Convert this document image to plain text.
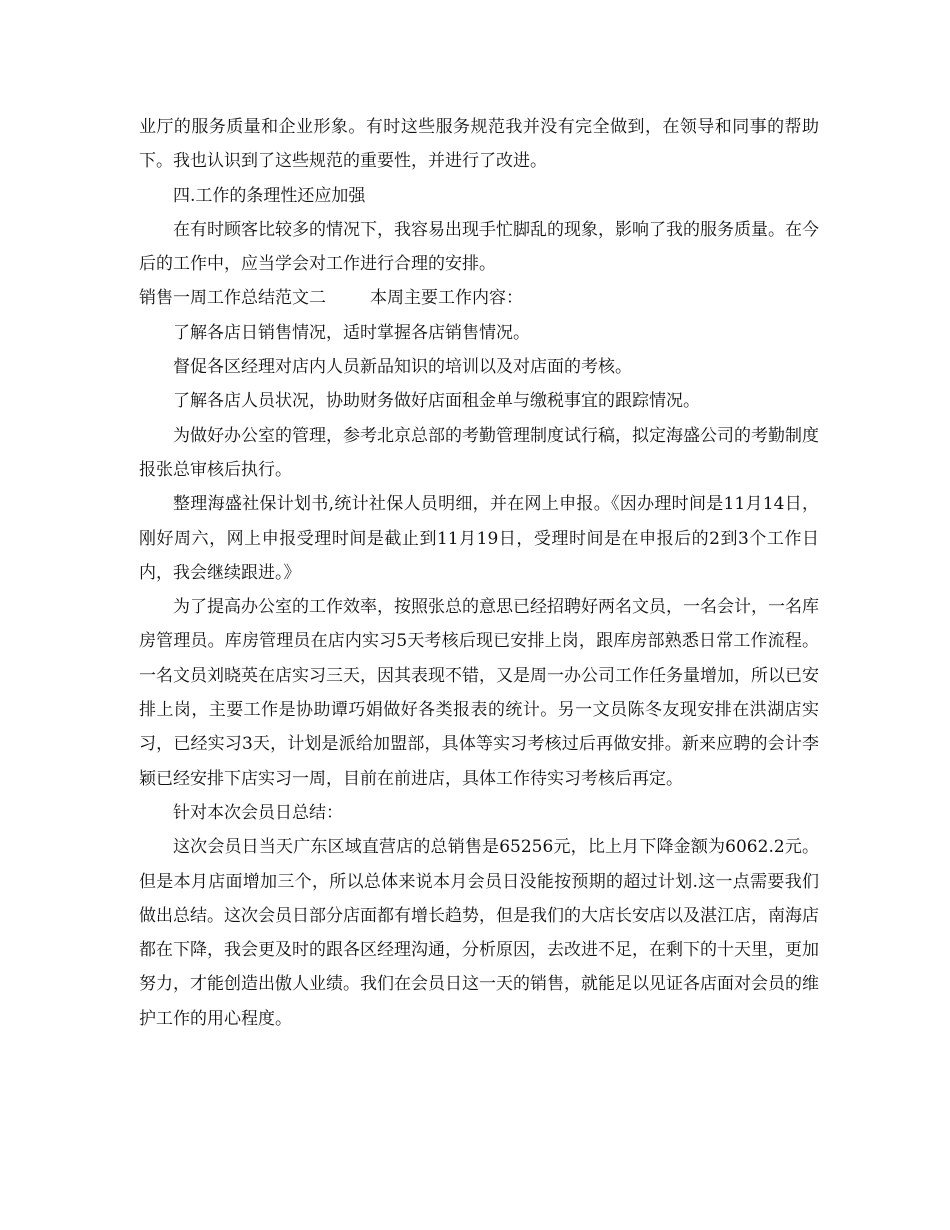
业厅的服务质量和企业形象。有时这些服务规范我并没有完全做到，在领导和同事的帮助下。我也认识到了这些规范的重要性，并进行了改进。

四.工作的条理性还应加强

在有时顾客比较多的情况下，我容易出现手忙脚乱的现象，影响了我的服务质量。在今后的工作中，应当学会对工作进行合理的安排。

销售一周工作总结范文二	本周主要工作内容：

了解各店日销售情况，适时掌握各店销售情况。

督促各区经理对店内人员新品知识的培训以及对店面的考核。

了解各店人员状况，协助财务做好店面租金单与缴税事宜的跟踪情况。

为做好办公室的管理，参考北京总部的考勤管理制度试行稿，拟定海盛公司的考勤制度报张总审核后执行。

整理海盛社保计划书,统计社保人员明细，并在网上申报。《因办理时间是11月14日，刚好周六，网上申报受理时间是截止到11月19日，受理时间是在申报后的2到3个工作日内，我会继续跟进。》

为了提高办公室的工作效率，按照张总的意思已经招聘好两名文员，一名会计，一名库房管理员。库房管理员在店内实习5天考核后现已安排上岗，跟库房部熟悉日常工作流程。一名文员刘晓英在店实习三天，因其表现不错，又是周一办公司工作任务量增加，所以已安排上岗，主要工作是协助谭巧娟做好各类报表的统计。另一文员陈冬友现安排在洪湖店实习，已经实习3天，计划是派给加盟部，具体等实习考核过后再做安排。新来应聘的会计李颖已经安排下店实习一周，目前在前进店，具体工作待实习考核后再定。

针对本次会员日总结：

这次会员日当天广东区域直营店的总销售是65256元，比上月下降金额为6062.2元。但是本月店面增加三个，所以总体来说本月会员日没能按预期的超过计划.这一点需要我们做出总结。这次会员日部分店面都有增长趋势，但是我们的大店长安店以及湛江店，南海店都在下降，我会更及时的跟各区经理沟通，分析原因，去改进不足，在剩下的十天里，更加努力，才能创造出傲人业绩。我们在会员日这一天的销售，就能足以见证各店面对会员的维护工作的用心程度。
